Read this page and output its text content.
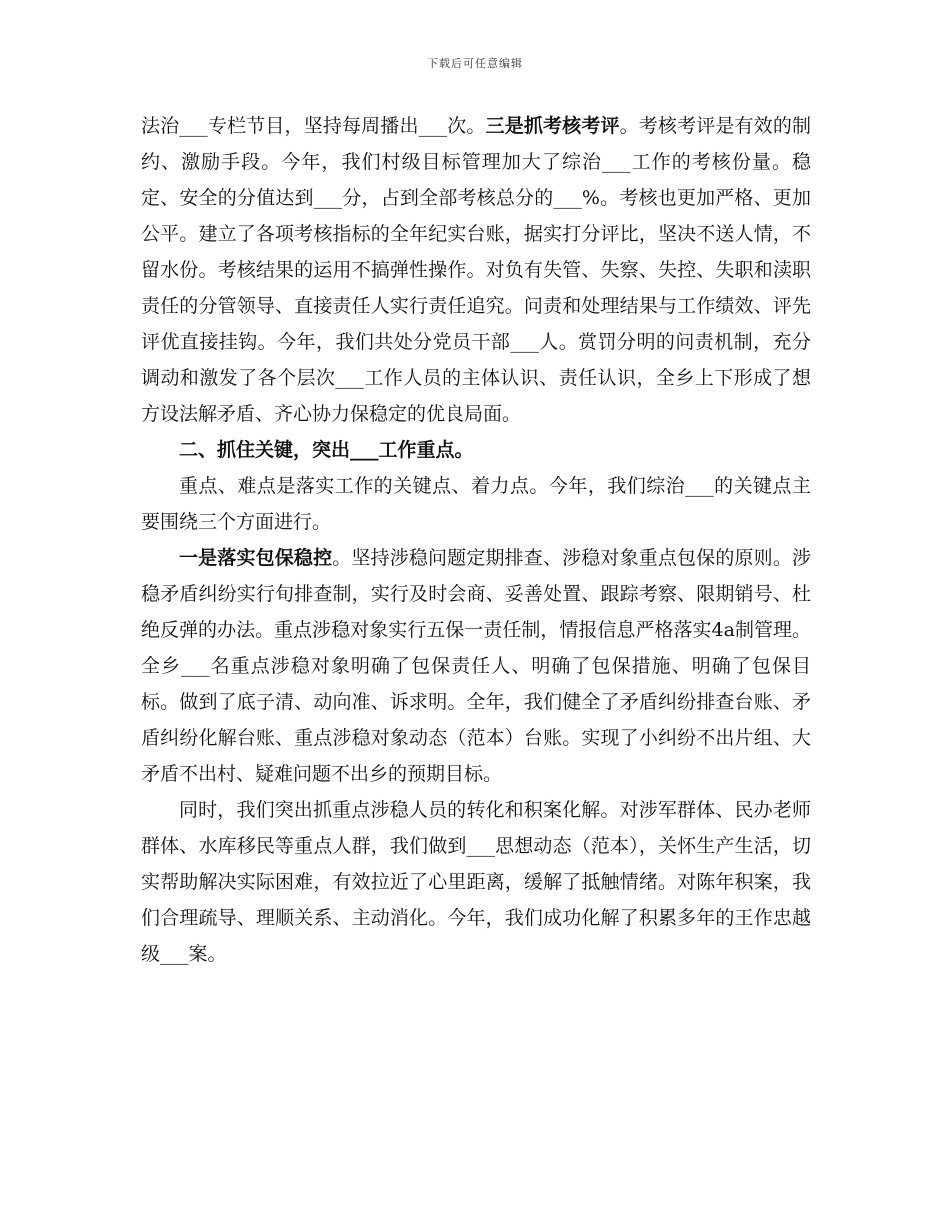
下载后可任意编辑

法治___专栏节目，坚持每周播出___次。三是抓考核考评。考核考评是有效的制约、激励手段。今年，我们村级目标管理加大了综治___工作的考核份量。稳定、安全的分值达到___分，占到全部考核总分的___%。考核也更加严格、更加公平。建立了各项考核指标的全年纪实台账，据实打分评比，坚决不送人情，不留水份。考核结果的运用不搞弹性操作。对负有失管、失察、失控、失职和渎职责任的分管领导、直接责任人实行责任追究。问责和处理结果与工作绩效、评先评优直接挂钩。今年，我们共处分党员干部___人。赏罚分明的问责机制，充分调动和激发了各个层次___工作人员的主体认识、责任认识，全乡上下形成了想方设法解矛盾、齐心协力保稳定的优良局面。

二、抓住关键，突出___工作重点。

重点、难点是落实工作的关键点、着力点。今年，我们综治___的关键点主要围绕三个方面进行。

一是落实包保稳控。坚持涉稳问题定期排查、涉稳对象重点包保的原则。涉稳矛盾纠纷实行旬排查制，实行及时会商、妥善处置、跟踪考察、限期销号、杜绝反弹的办法。重点涉稳对象实行五保一责任制，情报信息严格落实4a制管理。全乡___名重点涉稳对象明确了包保责任人、明确了包保措施、明确了包保目标。做到了底子清、动向准、诉求明。全年，我们健全了矛盾纠纷排查台账、矛盾纠纷化解台账、重点涉稳对象动态（范本）台账。实现了小纠纷不出片组、大矛盾不出村、疑难问题不出乡的预期目标。

同时，我们突出抓重点涉稳人员的转化和积案化解。对涉军群体、民办老师群体、水库移民等重点人群，我们做到___思想动态（范本），关怀生产生活，切实帮助解决实际困难，有效拉近了心里距离，缓解了抵触情绪。对陈年积案，我们合理疏导、理顺关系、主动消化。今年，我们成功化解了积累多年的王作忠越级___案。
